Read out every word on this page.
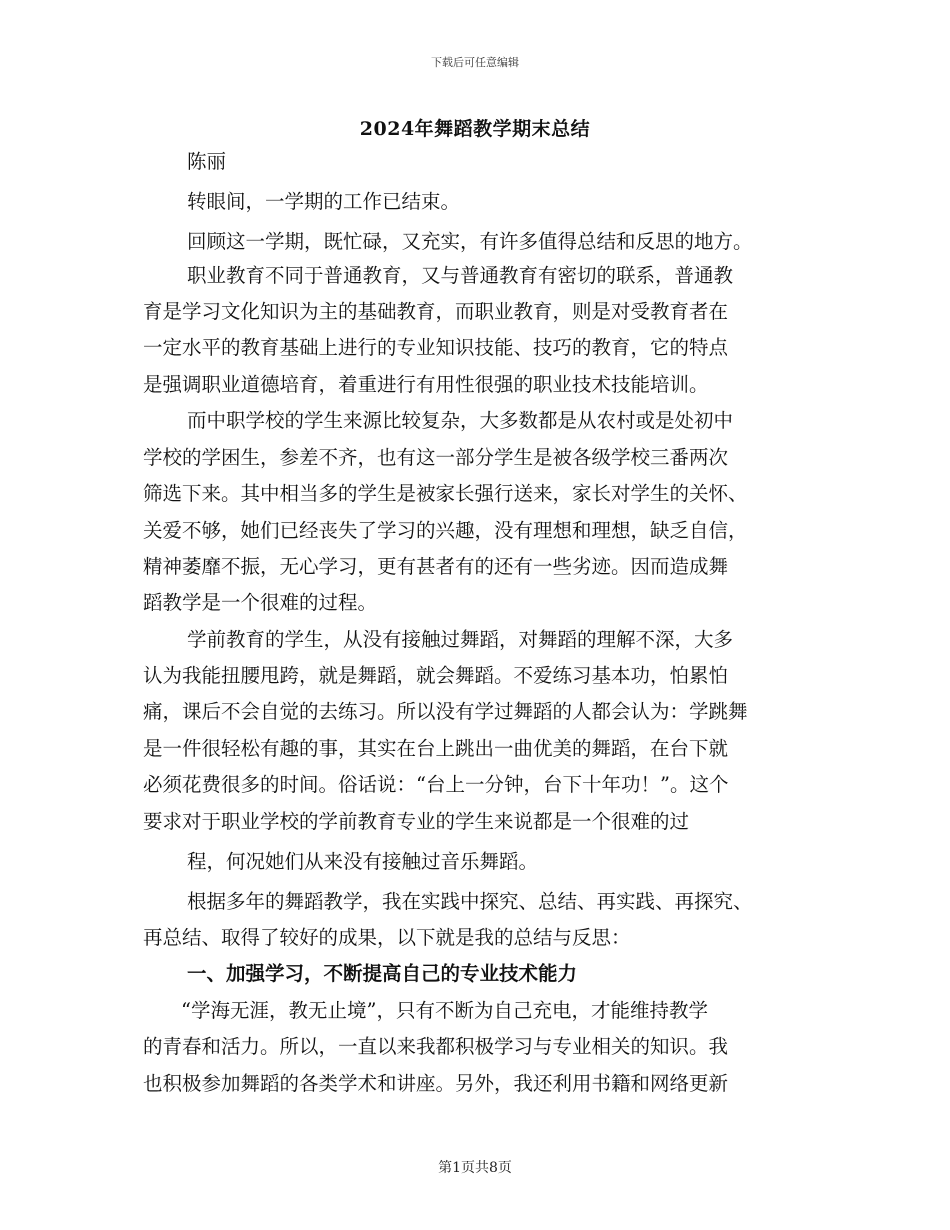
下载后可任意编辑
2024年舞蹈教学期末总结
陈丽
转眼间，一学期的工作已结束。
回顾这一学期，既忙碌，又充实，有许多值得总结和反思的地方。
职业教育不同于普通教育，又与普通教育有密切的联系，普通教
育是学习文化知识为主的基础教育，而职业教育，则是对受教育者在
一定水平的教育基础上进行的专业知识技能、技巧的教育，它的特点
是强调职业道德培育，着重进行有用性很强的职业技术技能培训。
而中职学校的学生来源比较复杂，大多数都是从农村或是处初中
学校的学困生，参差不齐，也有这一部分学生是被各级学校三番两次
筛选下来。其中相当多的学生是被家长强行送来，家长对学生的关怀、
关爱不够，她们已经丧失了学习的兴趣，没有理想和理想，缺乏自信，
精神萎靡不振，无心学习，更有甚者有的还有一些劣迹。因而造成舞
蹈教学是一个很难的过程。
学前教育的学生，从没有接触过舞蹈，对舞蹈的理解不深，大多
认为我能扭腰甩跨，就是舞蹈，就会舞蹈。不爱练习基本功，怕累怕
痛，课后不会自觉的去练习。所以没有学过舞蹈的人都会认为：学跳舞
是一件很轻松有趣的事，其实在台上跳出一曲优美的舞蹈，在台下就
必须花费很多的时间。俗话说：“台上一分钟，台下十年功！”。这个
要求对于职业学校的学前教育专业的学生来说都是一个很难的过
程，何况她们从来没有接触过音乐舞蹈。
根据多年的舞蹈教学，我在实践中探究、总结、再实践、再探究、
再总结、取得了较好的成果，以下就是我的总结与反思：
一、加强学习，不断提高自己的专业技术能力
“学海无涯，教无止境”，只有不断为自己充电，才能维持教学
的青春和活力。所以，一直以来我都积极学习与专业相关的知识。我
也积极参加舞蹈的各类学术和讲座。另外，我还利用书籍和网络更新
第1页共8页
